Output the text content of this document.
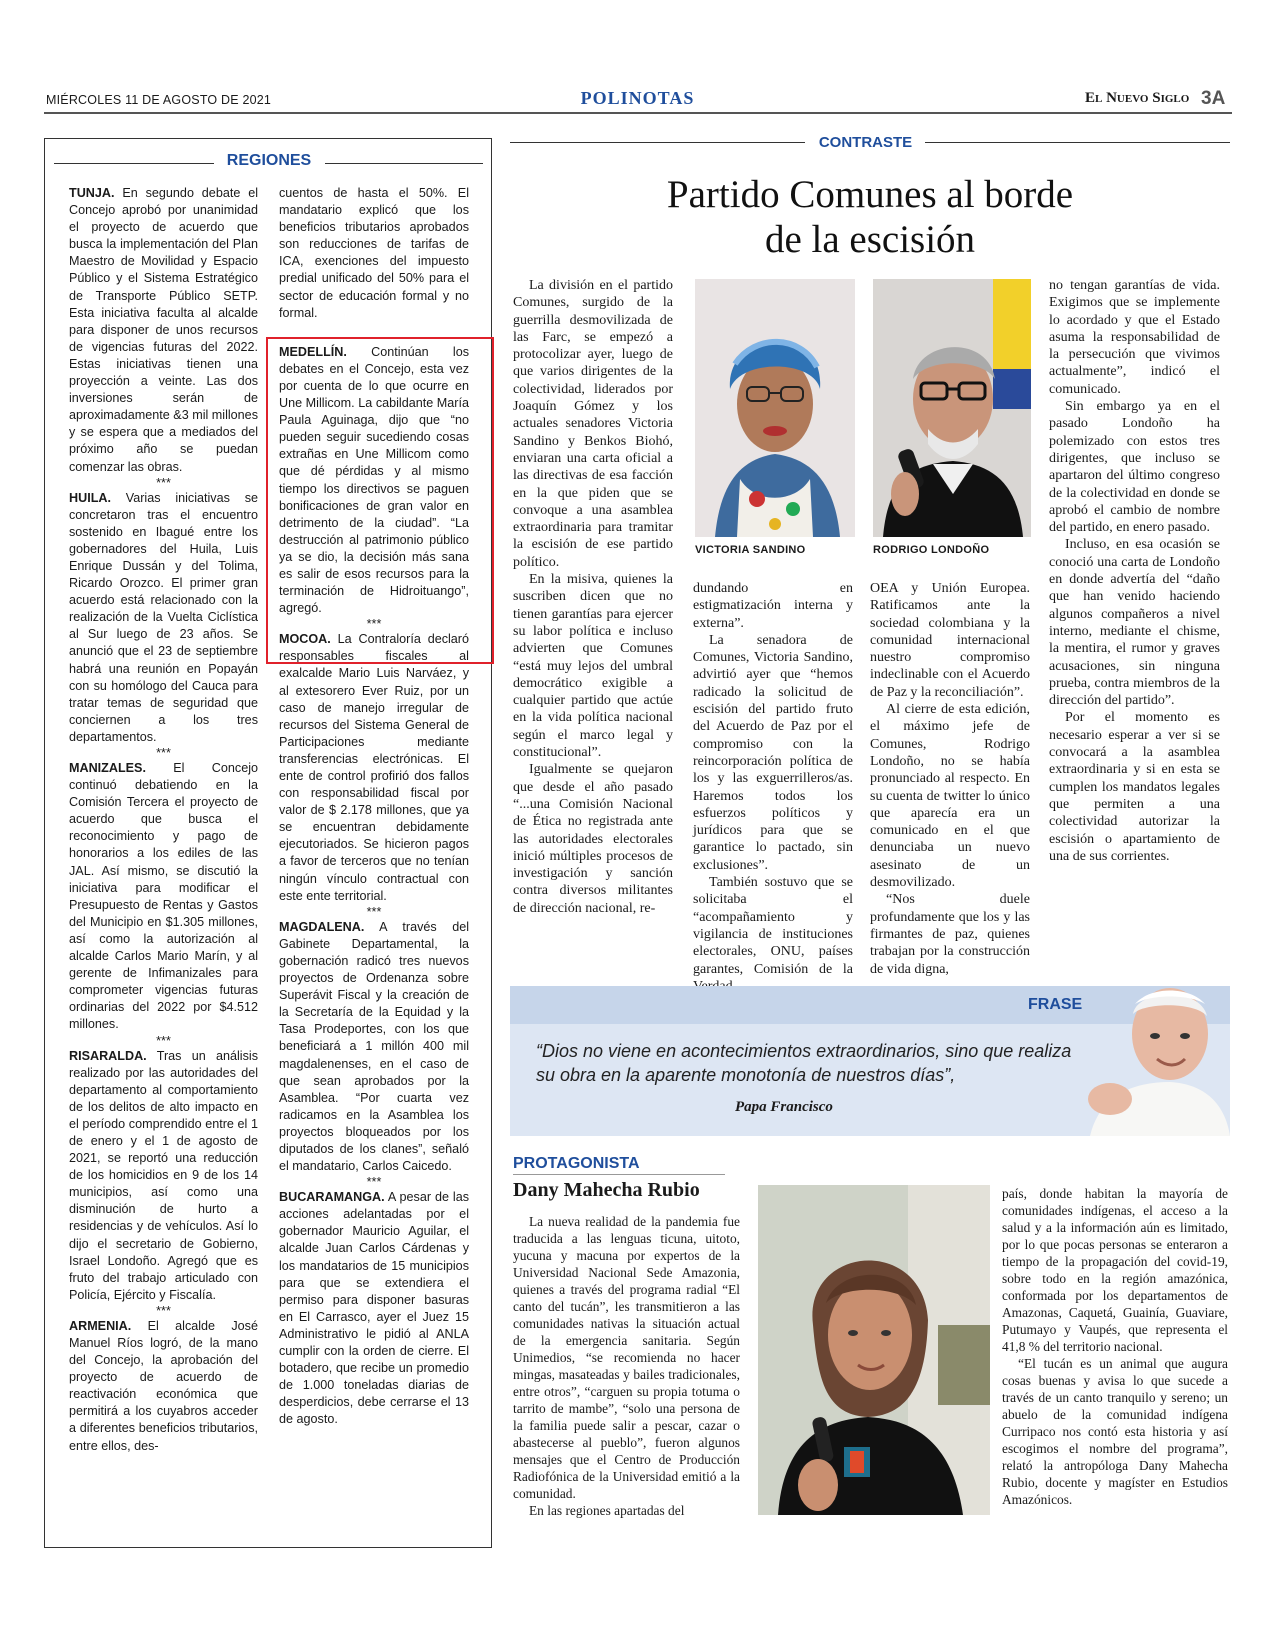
MIÉRCOLES 11 DE AGOSTO DE 2021	POLINOTAS	El Nuevo Siglo 3A
REGIONES

TUNJA. En segundo debate el Concejo aprobó por unanimidad el proyecto de acuerdo que busca la implementación del Plan Maestro de Movilidad y Espacio Público y el Sistema Estratégico de Transporte Público SETP. Esta iniciativa faculta al alcalde para disponer de unos recursos de vigencias futuras del 2022. Estas iniciativas tienen una proyección a veinte. Las dos inversiones serán de aproximadamente &3 mil millones y se espera que a mediados del próximo año se puedan comenzar las obras.

***

HUILA. Varias iniciativas se concretaron tras el encuentro sostenido en Ibagué entre los gobernadores del Huila, Luis Enrique Dussán y del Tolima, Ricardo Orozco. El primer gran acuerdo está relacionado con la realización de la Vuelta Ciclística al Sur luego de 23 años. Se anunció que el 23 de septiembre habrá una reunión en Popayán con su homólogo del Cauca para tratar temas de seguridad que conciernen a los tres departamentos.

***

MANIZALES. El Concejo continuó debatiendo en la Comisión Tercera el proyecto de acuerdo que busca el reconocimiento y pago de honorarios a los ediles de las JAL. Así mismo, se discutió la iniciativa para modificar el Presupuesto de Rentas y Gastos del Municipio en $1.305 millones, así como la autorización al alcalde Carlos Mario Marín, y al gerente de Infimanizales para comprometer vigencias futuras ordinarias del 2022 por $4.512 millones.

***

RISARALDA. Tras un análisis realizado por las autoridades del departamento al comportamiento de los delitos de alto impacto en el período comprendido entre el 1 de enero y el 1 de agosto de 2021, se reportó una reducción de los homicidios en 9 de los 14 municipios, así como una disminución de hurto a residencias y de vehículos. Así lo dijo el secretario de Gobierno, Israel Londoño. Agregó que es fruto del trabajo articulado con Policía, Ejército y Fiscalía.

***

ARMENIA. El alcalde José Manuel Ríos logró, de la mano del Concejo, la aprobación del proyecto de acuerdo de reactivación económica que permitirá a los cuyabros acceder a diferentes beneficios tributarios, entre ellos, des-

cuentos de hasta el 50%. El mandatario explicó que los beneficios tributarios aprobados son reducciones de tarifas de ICA, exenciones del impuesto predial unificado del 50% para el sector de educación formal y no formal.

MEDELLÍN. Continúan los debates en el Concejo, esta vez por cuenta de lo que ocurre en Une Millicom. La cabildante María Paula Aguinaga, dijo que “no pueden seguir sucediendo cosas extrañas en Une Millicom como que dé pérdidas y al mismo tiempo los directivos se paguen bonificaciones de gran valor en detrimento de la ciudad”. “La destrucción al patrimonio público ya se dio, la decisión más sana es salir de esos recursos para la terminación de Hidroituango”, agregó.

***

MOCOA. La Contraloría declaró responsables fiscales al exalcalde Mario Luis Narváez, y al extesorero Ever Ruiz, por un caso de manejo irregular de recursos del Sistema General de Participaciones mediante transferencias electrónicas. El ente de control profirió dos fallos con responsabilidad fiscal por valor de $ 2.178 millones, que ya se encuentran debidamente ejecutoriados. Se hicieron pagos a favor de terceros que no tenían ningún vínculo contractual con este ente territorial.

***

MAGDALENA. A través del Gabinete Departamental, la gobernación radicó tres nuevos proyectos de Ordenanza sobre Superávit Fiscal y la creación de la Secretaría de la Equidad y la Tasa Prodeportes, con los que beneficiará a 1 millón 400 mil magdalenenses, en el caso de que sean aprobados por la Asamblea. “Por cuarta vez radicamos en la Asamblea los proyectos bloqueados por los diputados de los clanes”, señaló el mandatario, Carlos Caicedo.

***

BUCARAMANGA. A pesar de las acciones adelantadas por el gobernador Mauricio Aguilar, el alcalde Juan Carlos Cárdenas y los mandatarios de 15 municipios para que se extendiera el permiso para disponer basuras en El Carrasco, ayer el Juez 15 Administrativo le pidió al ANLA cumplir con la orden de cierre. El botadero, que recibe un promedio de 1.000 toneladas diarias de desperdicios, debe cerrarse el 13 de agosto.

CONTRASTE
Partido Comunes al borde
de la escisión

La división en el partido Comunes, surgido de la guerrilla desmovilizada de las Farc, se empezó a protocolizar ayer, luego de que varios dirigentes de la colectividad, liderados por Joaquín Gómez y los actuales senadores Victoria Sandino y Benkos Biohó, enviaran una carta oficial a las directivas de esa facción en la que piden que se convoque a una asamblea extraordinaria para tramitar la escisión de ese partido político.

En la misiva, quienes la suscriben dicen que no tienen garantías para ejercer su labor política e incluso advierten que Comunes “está muy lejos del umbral democrático exigible a cualquier partido que actúe en la vida política nacional según el marco legal y constitucional”.

Igualmente se quejaron que desde el año pasado “...una Comisión Nacional de Ética no registrada ante las autoridades electorales inició múltiples procesos de investigación y sanción contra diversos militantes de dirección nacional, re-

VICTORIA SANDINO	RODRIGO LONDOÑO

dundando en estigmatización interna y externa”.

La senadora de Comunes, Victoria Sandino, advirtió ayer que “hemos radicado la solicitud de escisión del partido fruto del Acuerdo de Paz por el compromiso con la reincorporación política de los y las exguerrilleros/as. Haremos todos los esfuerzos políticos y jurídicos para que se garantice lo pactado, sin exclusiones”.

También sostuvo que se solicitaba el “acompañamiento y vigilancia de instituciones electorales, ONU, países garantes, Comisión de la

OEA y Unión Europea. Ratificamos ante la sociedad colombiana y la comunidad internacional nuestro compromiso indeclinable con el Acuerdo de Paz y la reconciliación”.

Al cierre de esta edición, el máximo jefe de Comunes, Rodrigo Londoño, no se había pronunciado al respecto. En su cuenta de twitter lo único que aparecía era un comunicado en el que denunciaba un nuevo asesinato de un desmovilizado.

“Nos duele profundamente que los y las firmantes de paz, quienes trabajan por la construcción de vida digna,

no tengan garantías de vida. Exigimos que se implemente lo acordado y que el Estado asuma la responsabilidad de la persecución que vivimos actualmente”, indicó el comunicado.

Sin embargo ya en el pasado Londoño ha polemizado con estos tres dirigentes, que incluso se apartaron del último congreso de la colectividad en donde se aprobó el cambio de nombre del partido, en enero pasado.

Incluso, en esa ocasión se conoció una carta de Londoño en donde advertía del “daño que han venido haciendo algunos compañeros a nivel interno, mediante el chisme, la mentira, el rumor y graves acusaciones, sin ninguna prueba, contra miembros de la dirección del partido”.

Por el momento es necesario esperar a ver si se convocará a la asamblea extraordinaria y si en esta se cumplen los mandatos legales que permiten a una colectividad autorizar la escisión o apartamiento de una de sus corrientes.

FRASE
“Dios no viene en acontecimientos extraordinarios, sino que realiza su obra en la aparente monotonía de nuestros días”,
Papa Francisco
PROTAGONISTA
Dany Mahecha Rubio

La nueva realidad de la pandemia fue traducida a las lenguas ticuna, uitoto, yucuna y macuna por expertos de la Universidad Nacional Sede Amazonia, quienes a través del programa radial “El canto del tucán”, les transmitieron a las comunidades nativas la situación actual de la emergencia sanitaria. Según Unimedios, “se recomienda no hacer mingas, masateadas y bailes tradicionales, entre otros”, “carguen su propia totuma o tarrito de mambe”, “solo una persona de la familia puede salir a pescar, cazar o abastecerse al pueblo”, fueron algunos mensajes que el Centro de Producción Radiofónica de la Universidad emitió a la comunidad.

En las regiones apartadas del

país, donde habitan la mayoría de comunidades indígenas, el acceso a la salud y a la información aún es limitado, por lo que pocas personas se enteraron a tiempo de la propagación del covid-19, sobre todo en la región amazónica, conformada por los departamentos de Amazonas, Caquetá, Guainía, Guaviare, Putumayo y Vaupés, que representa el 41,8 % del territorio nacional.

“El tucán es un animal que augura cosas buenas y avisa lo que sucede a través de un canto tranquilo y sereno; un abuelo de la comunidad indígena Curripaco nos contó esta historia y así escogimos el nombre del programa”, relató la antropóloga Dany Mahecha Rubio, docente y magíster en Estudios Amazónicos.
